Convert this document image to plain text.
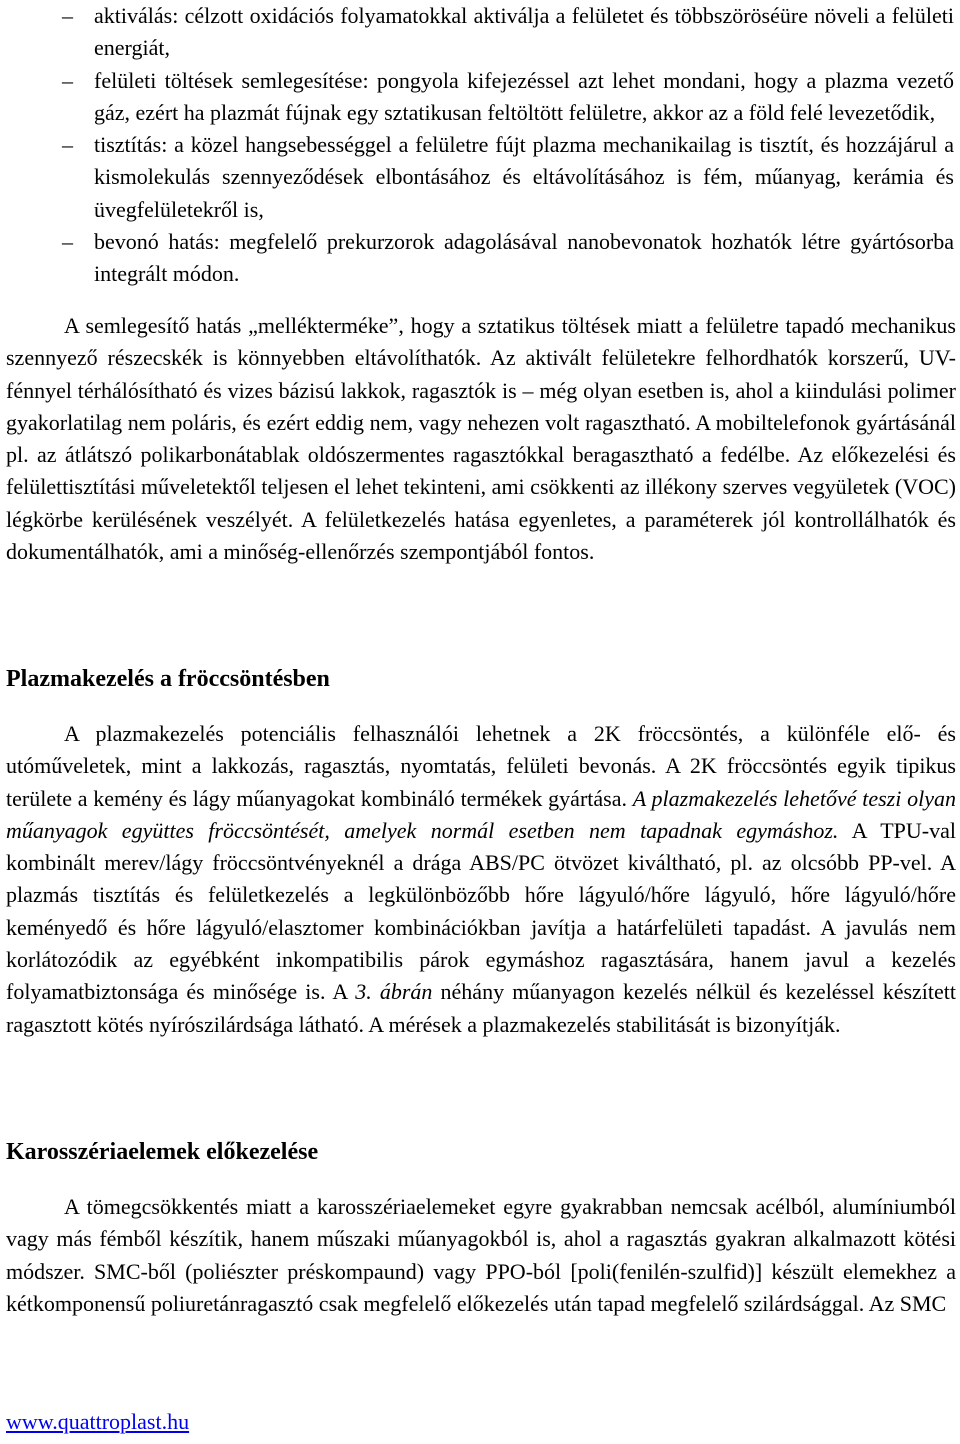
– aktiválás: célzott oxidációs folyamatokkal aktiválja a felületet és többszöröséüre növeli a felületi energiát,
– felületi töltések semlegesítése: pongyola kifejezéssel azt lehet mondani, hogy a plazma vezető gáz, ezért ha plazmát fújnak egy sztatikusan feltöltött felületre, akkor az a föld felé levezetődik,
– tisztítás: a közel hangsebességgel a felületre fújt plazma mechanikailag is tisztít, és hozzájárul a kismolekulás szennyeződések elbontásához és eltávolításához is fém, műanyag, kerámia és üvegfelületekről is,
– bevonó hatás: megfelelő prekurzorok adagolásával nanobevonatok hozhatók létre gyártósorba integrált módon.

A semlegesítő hatás „mellékterméke”, hogy a sztatikus töltések miatt a felületre tapadó mechanikus szennyező részecskék is könnyebben eltávolíthatók. Az aktivált felületekre felhordhatók korszerű, UV-fénnyel térhálósítható és vizes bázisú lakkok, ragasztók is – még olyan esetben is, ahol a kiindulási polimer gyakorlatilag nem poláris, és ezért eddig nem, vagy nehezen volt ragasztható. A mobiltelefonok gyártásánál pl. az átlátszó polikarbonátablak oldószermentes ragasztókkal beragasztható a fedélbe. Az előkezelési és felülettisztítási műveletektől teljesen el lehet tekinteni, ami csökkenti az illékony szerves vegyületek (VOC) légkörbe kerülésének veszélyét. A felületkezelés hatása egyenletes, a paraméterek jól kontrollálhatók és dokumentálhatók, ami a minőség-ellenőrzés szempontjából fontos.

Plazmakezelés a fröccsöntésben

A plazmakezelés potenciális felhasználói lehetnek a 2K fröccsöntés, a különféle elő- és utóműveletek, mint a lakkozás, ragasztás, nyomtatás, felületi bevonás. A 2K fröccsöntés egyik tipikus területe a kemény és lágy műanyagokat kombináló termékek gyártása. A plazmakezelés lehetővé teszi olyan műanyagok együttes fröccsöntését, amelyek normál esetben nem tapadnak egymáshoz. A TPU-val kombinált merev/lágy fröccsöntvényeknél a drága ABS/PC ötvözet kiváltható, pl. az olcsóbb PP-vel. A plazmás tisztítás és felületkezelés a legkülönbözőbb hőre lágyuló/hőre lágyuló, hőre lágyuló/hőre keményedő és hőre lágyuló/elasztomer kombinációkban javítja a határfelületi tapadást. A javulás nem korlátozódik az egyébként inkompatibilis párok egymáshoz ragasztására, hanem javul a kezelés folyamatbiztonsága és minősége is. A 3. ábrán néhány műanyagon kezelés nélkül és kezeléssel készített ragasztott kötés nyírószilárdsága látható. A mérések a plazmakezelés stabilitását is bizonyítják.

Karosszériaelemek előkezelése

A tömegcsökkentés miatt a karosszériaelemeket egyre gyakrabban nemcsak acélból, alumíniumból vagy más fémből készítik, hanem műszaki műanyagokból is, ahol a ragasztás gyakran alkalmazott kötési módszer. SMC-ből (poliészter préskompaund) vagy PPO-ból [poli(fenilén-szulfid)] készült elemekhez a kétkomponensű poliuretánragasztó csak megfelelő előkezelés után tapad megfelelő szilárdsággal. Az SMC

www.quattroplast.hu
